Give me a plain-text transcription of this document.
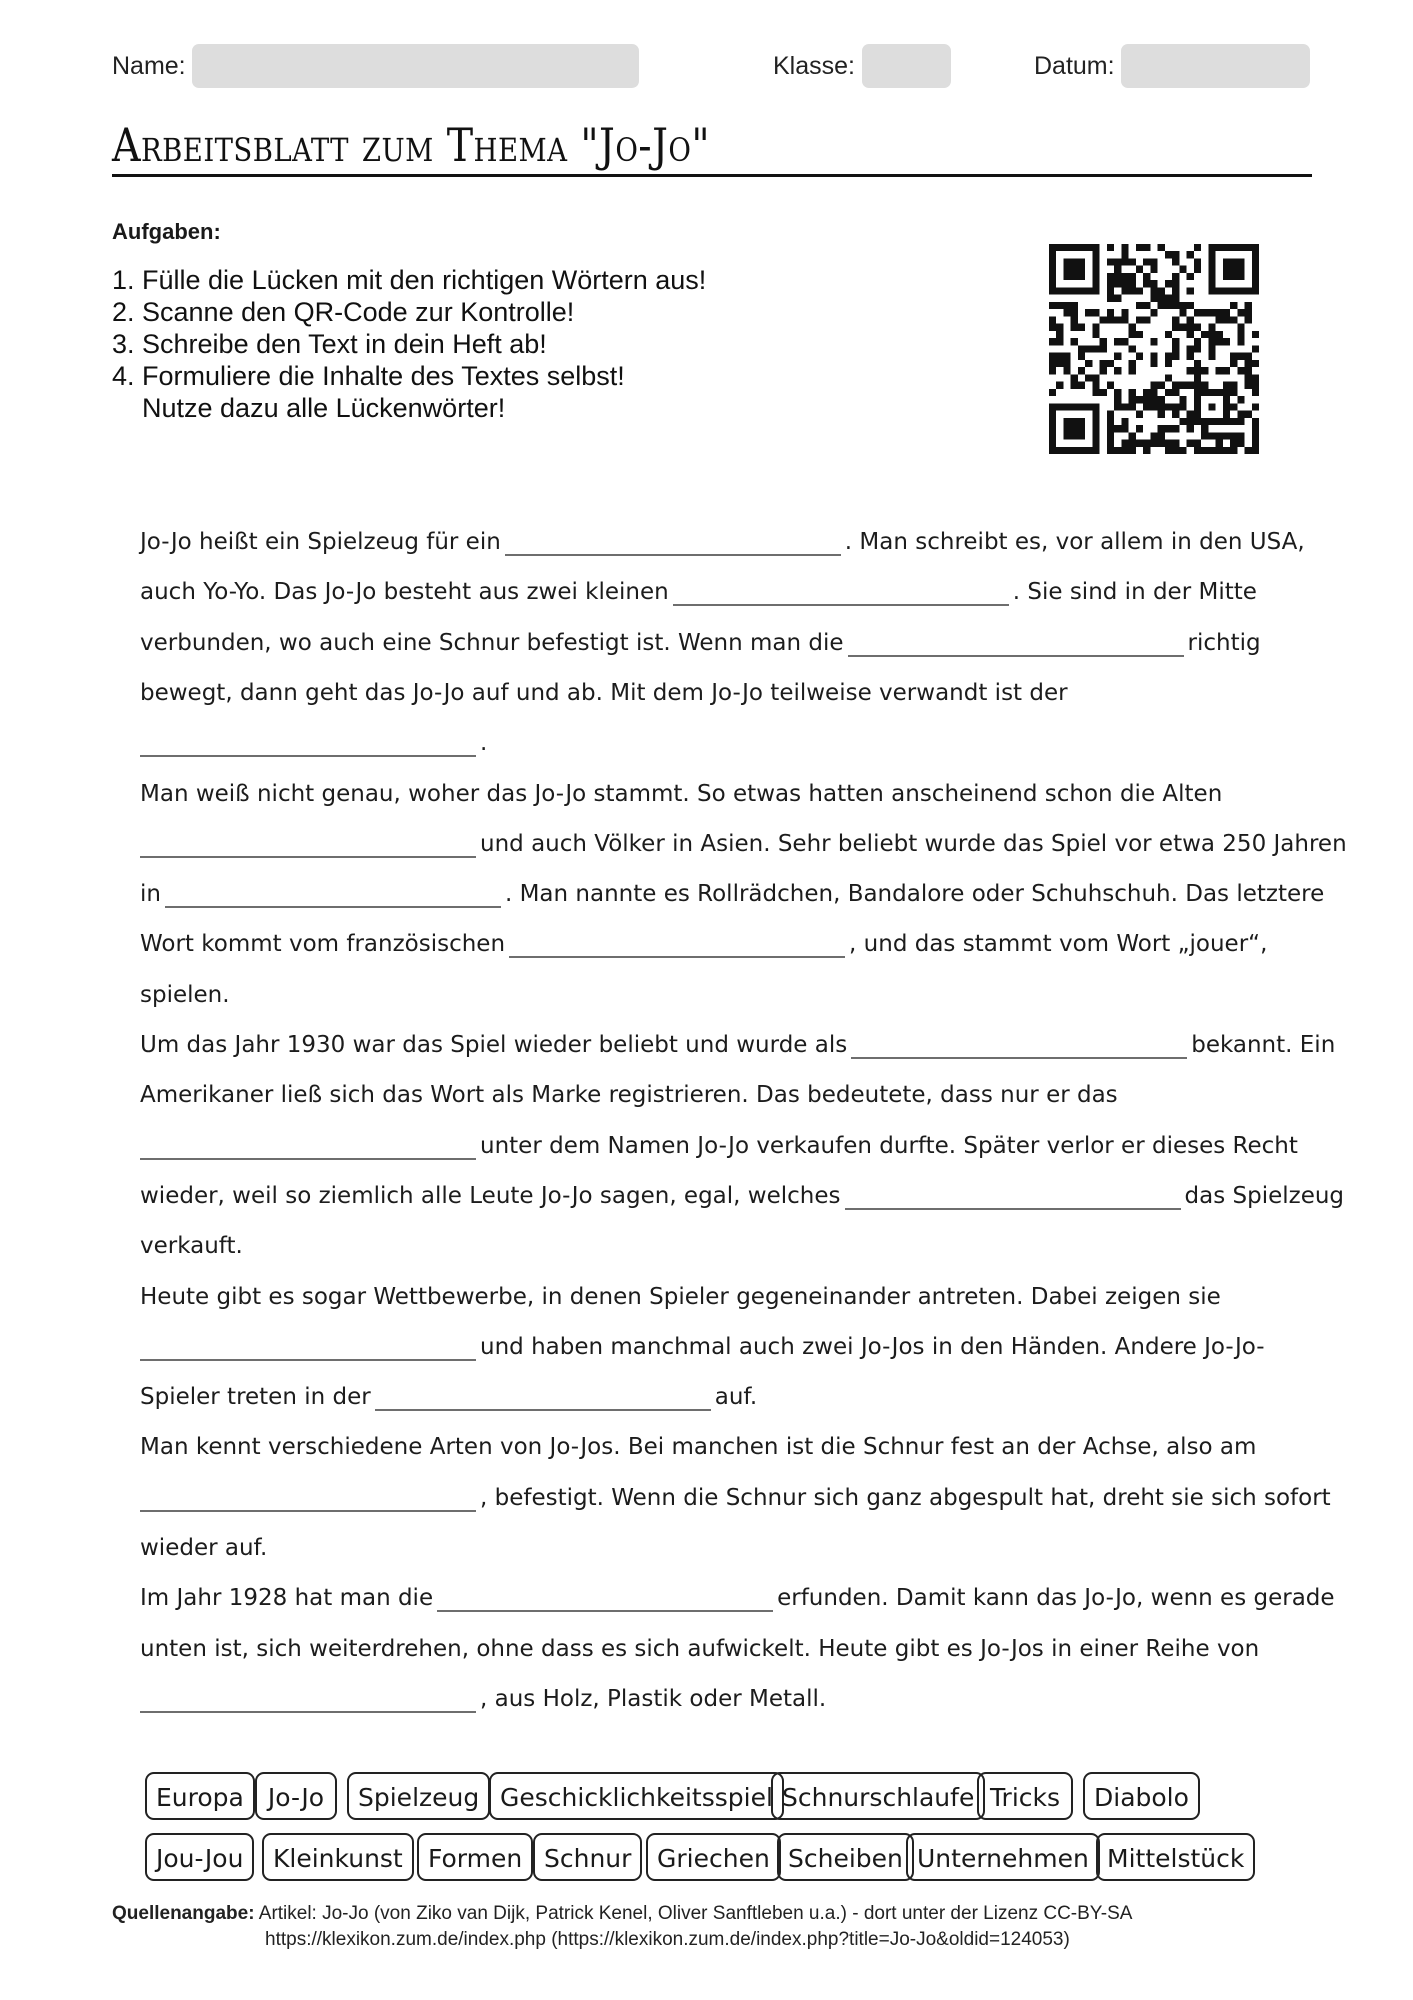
Name:	Klasse:	Datum:
Arbeitsblatt zum Thema "Jo-Jo"
Aufgaben:
1. Fülle die Lücken mit den richtigen Wörtern aus!
2. Scanne den QR-Code zur Kontrolle!
3. Schreibe den Text in dein Heft ab!
4. Formuliere die Inhalte des Textes selbst!
Nutze dazu alle Lückenwörter!
Jo-Jo heißt ein Spielzeug für ein	. Man schreibt es, vor allem in den USA,
auch Yo-Yo. Das Jo-Jo besteht aus zwei kleinen	. Sie sind in der Mitte
verbunden, wo auch eine Schnur befestigt ist. Wenn man die	richtig
bewegt, dann geht das Jo-Jo auf und ab. Mit dem Jo-Jo teilweise verwandt ist der
.
Man weiß nicht genau, woher das Jo-Jo stammt. So etwas hatten anscheinend schon die Alten
und auch Völker in Asien. Sehr beliebt wurde das Spiel vor etwa 250 Jahren
in	. Man nannte es Rollrädchen, Bandalore oder Schuhschuh. Das letztere
Wort kommt vom französischen	, und das stammt vom Wort „jouer“,
spielen.
Um das Jahr 1930 war das Spiel wieder beliebt und wurde als	bekannt. Ein
Amerikaner ließ sich das Wort als Marke registrieren. Das bedeutete, dass nur er das
unter dem Namen Jo-Jo verkaufen durfte. Später verlor er dieses Recht
wieder, weil so ziemlich alle Leute Jo-Jo sagen, egal, welches	das Spielzeug
verkauft.
Heute gibt es sogar Wettbewerbe, in denen Spieler gegeneinander antreten. Dabei zeigen sie
und haben manchmal auch zwei Jo-Jos in den Händen. Andere Jo-Jo-
Spieler treten in der	auf.
Man kennt verschiedene Arten von Jo-Jos. Bei manchen ist die Schnur fest an der Achse, also am
, befestigt. Wenn die Schnur sich ganz abgespult hat, dreht sie sich sofort
wieder auf.
Im Jahr 1928 hat man die	erfunden. Damit kann das Jo-Jo, wenn es gerade
unten ist, sich weiterdrehen, ohne dass es sich aufwickelt. Heute gibt es Jo-Jos in einer Reihe von
, aus Holz, Plastik oder Metall.
Europa Jo-Jo	Spielzeug Geschicklichkeitsspiel Schnurschlaufe Tricks	Diabolo
Jou-Jou	Kleinkunst	Formen Schnur	Griechen Scheiben Unternehmen Mittelstück
Quellenangabe: Artikel: Jo-Jo (von Ziko van Dijk, Patrick Kenel, Oliver Sanftleben u.a.) - dort unter der Lizenz CC-BY-SA
https://klexikon.zum.de/index.php (https://klexikon.zum.de/index.php?title=Jo-Jo&oldid=124053)
